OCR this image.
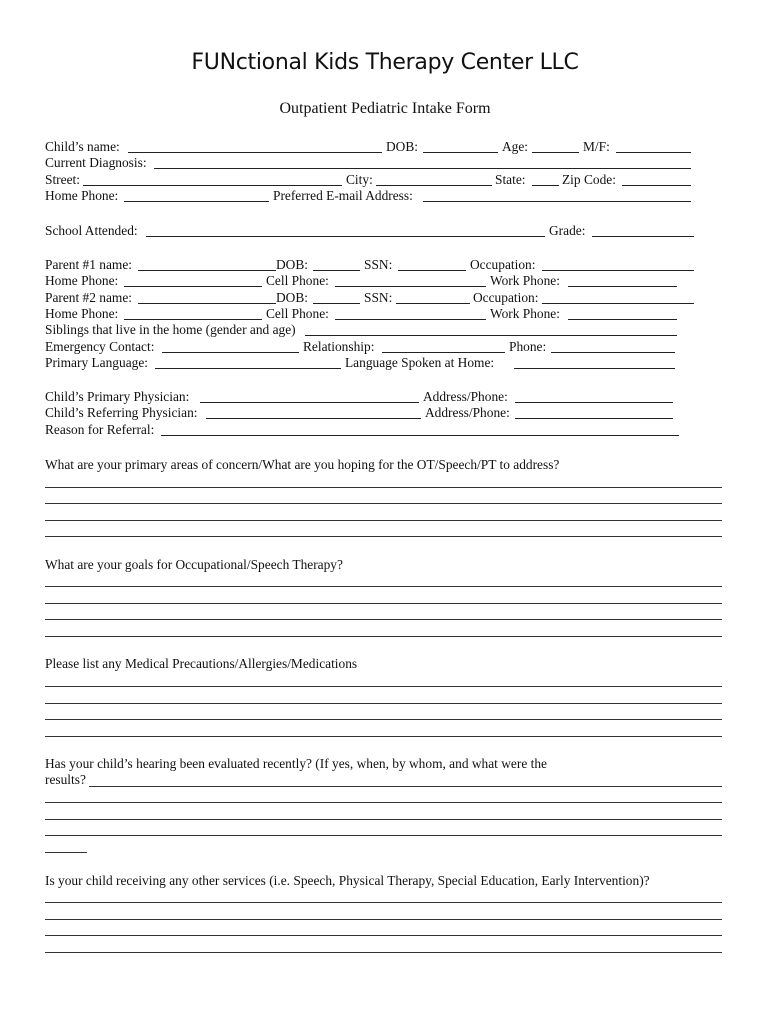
FUNctional Kids Therapy Center LLC
Outpatient Pediatric Intake Form
Child’s name:	DOB:	Age:	M/F:
Current Diagnosis:
Street:	City:	State:	Zip Code:
Home Phone:	Preferred E-mail Address:
School Attended:	Grade:
Parent #1 name:	DOB:	SSN:	Occupation:
Home Phone:	Cell Phone:	Work Phone:
Parent #2 name:	DOB:	SSN:	Occupation:
Home Phone:	Cell Phone:	Work Phone:
Siblings that live in the home (gender and age)
Emergency Contact:	Relationship:	Phone:
Primary Language:	Language Spoken at Home:
Child’s Primary Physician:	Address/Phone:
Child’s Referring Physician:	Address/Phone:
Reason for Referral:
What are your primary areas of concern/What are you hoping for the OT/Speech/PT to address?
What are your goals for Occupational/Speech Therapy?
Please list any Medical Precautions/Allergies/Medications
Has your child’s hearing been evaluated recently? (If yes, when, by whom, and what were the
results?
Is your child receiving any other services (i.e. Speech, Physical Therapy, Special Education, Early Intervention)?
